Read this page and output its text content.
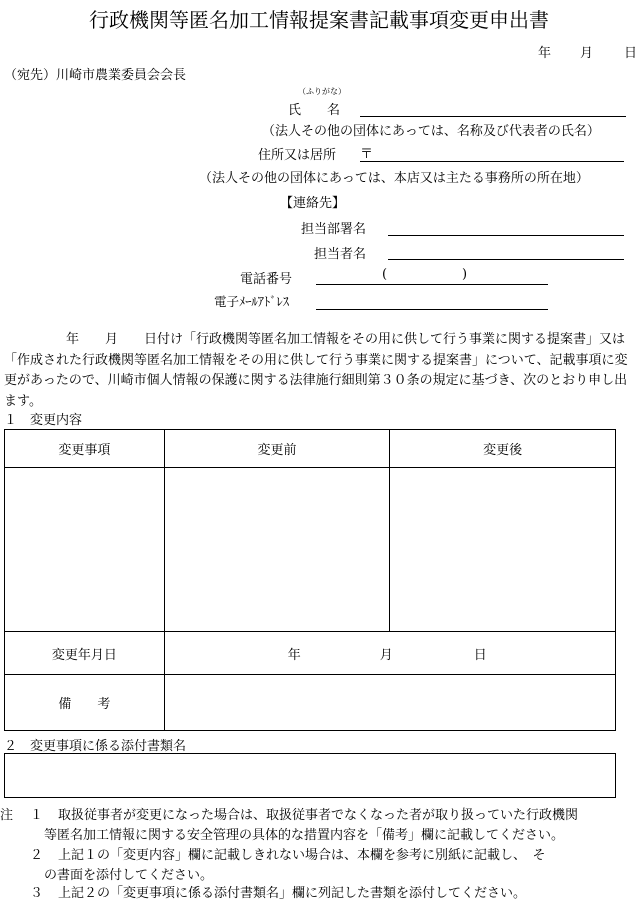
行政機関等匿名加工情報提案書記載事項変更申出書
年 月 日
（宛先）川崎市農業委員会会長
（ふりがな）
氏　　名
（法人その他の団体にあっては、名称及び代表者の氏名）
住所又は居所 〒
（法人その他の団体にあっては、本店又は主たる事務所の所在地）
【連絡先】
担当部署名
担当者名
電話番号	(	)
電子ﾒｰﾙｱﾄﾞﾚｽ
年　　月　　日付け「行政機関等匿名加工情報をその用に供して行う事業に関する提案書」又は「作成された行政機関等匿名加工情報をその用に供して行う事業に関する提案書」について、記載事項に変更があったので、川崎市個人情報の保護に関する法律施行細則第３０条の規定に基づき、次のとおり申し出ます。
１　変更内容
変更事項	変更前	変更後

変更年月日	年 月 日	
備　　考		
２　変更事項に係る添付書類名
注 １ 取扱従事者が変更になった場合は、取扱従事者でなくなった者が取り扱っていた行政機関
等匿名加工情報に関する安全管理の具体的な措置内容を「備考」欄に記載してください。
２ 上記１の「変更内容」欄に記載しきれない場合は、本欄を参考に別紙に記載し、　そ
の書面を添付してください。
３ 上記２の「変更事項に係る添付書類名」欄に列記した書類を添付してください。
